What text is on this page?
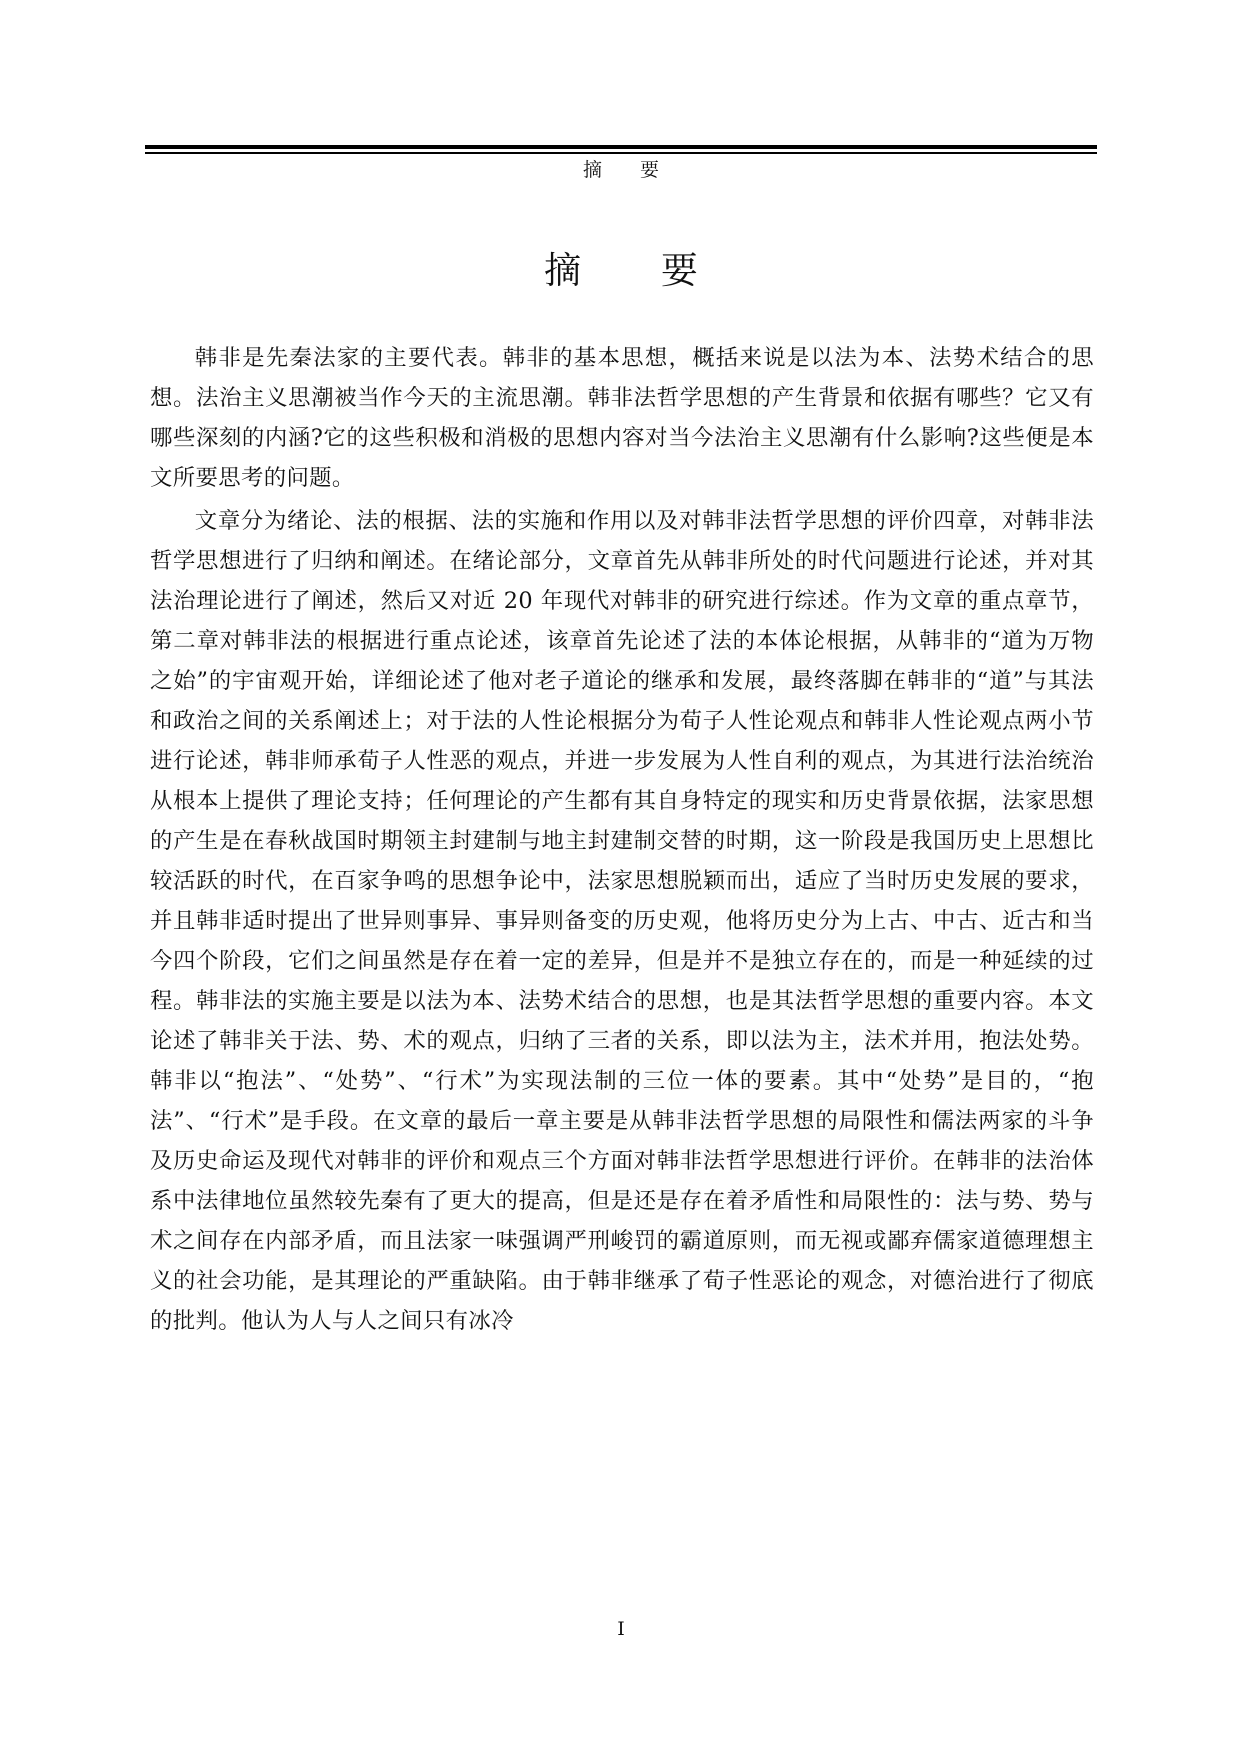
摘 要
摘 要

韩非是先秦法家的主要代表。韩非的基本思想，概括来说是以法为本、法势术结合的思想。法治主义思潮被当作今天的主流思潮。韩非法哲学思想的产生背景和依据有哪些？它又有哪些深刻的内涵?它的这些积极和消极的思想内容对当今法治主义思潮有什么影响?这些便是本文所要思考的问题。

文章分为绪论、法的根据、法的实施和作用以及对韩非法哲学思想的评价四章，对韩非法哲学思想进行了归纳和阐述。在绪论部分，文章首先从韩非所处的时代问题进行论述，并对其法治理论进行了阐述，然后又对近 20 年现代对韩非的研究进行综述。作为文章的重点章节，第二章对韩非法的根据进行重点论述，该章首先论述了法的本体论根据，从韩非的“道为万物之始”的宇宙观开始，详细论述了他对老子道论的继承和发展，最终落脚在韩非的“道”与其法和政治之间的关系阐述上；对于法的人性论根据分为荀子人性论观点和韩非人性论观点两小节进行论述，韩非师承荀子人性恶的观点，并进一步发展为人性自利的观点，为其进行法治统治从根本上提供了理论支持；任何理论的产生都有其自身特定的现实和历史背景依据，法家思想的产生是在春秋战国时期领主封建制与地主封建制交替的时期，这一阶段是我国历史上思想比较活跃的时代，在百家争鸣的思想争论中，法家思想脱颖而出，适应了当时历史发展的要求，并且韩非适时提出了世异则事异、事异则备变的历史观，他将历史分为上古、中古、近古和当今四个阶段，它们之间虽然是存在着一定的差异，但是并不是独立存在的，而是一种延续的过程。韩非法的实施主要是以法为本、法势术结合的思想，也是其法哲学思想的重要内容。本文论述了韩非关于法、势、术的观点，归纳了三者的关系，即以法为主，法术并用，抱法处势。韩非以“抱法”、“处势”、“行术”为实现法制的三位一体的要素。其中“处势”是目的，“抱法”、“行术”是手段。在文章的最后一章主要是从韩非法哲学思想的局限性和儒法两家的斗争及历史命运及现代对韩非的评价和观点三个方面对韩非法哲学思想进行评价。在韩非的法治体系中法律地位虽然较先秦有了更大的提高，但是还是存在着矛盾性和局限性的：法与势、势与术之间存在内部矛盾，而且法家一味强调严刑峻罚的霸道原则，而无视或鄙弃儒家道德理想主义的社会功能，是其理论的严重缺陷。由于韩非继承了荀子性恶论的观念，对德治进行了彻底的批判。他认为人与人之间只有冰冷

I
